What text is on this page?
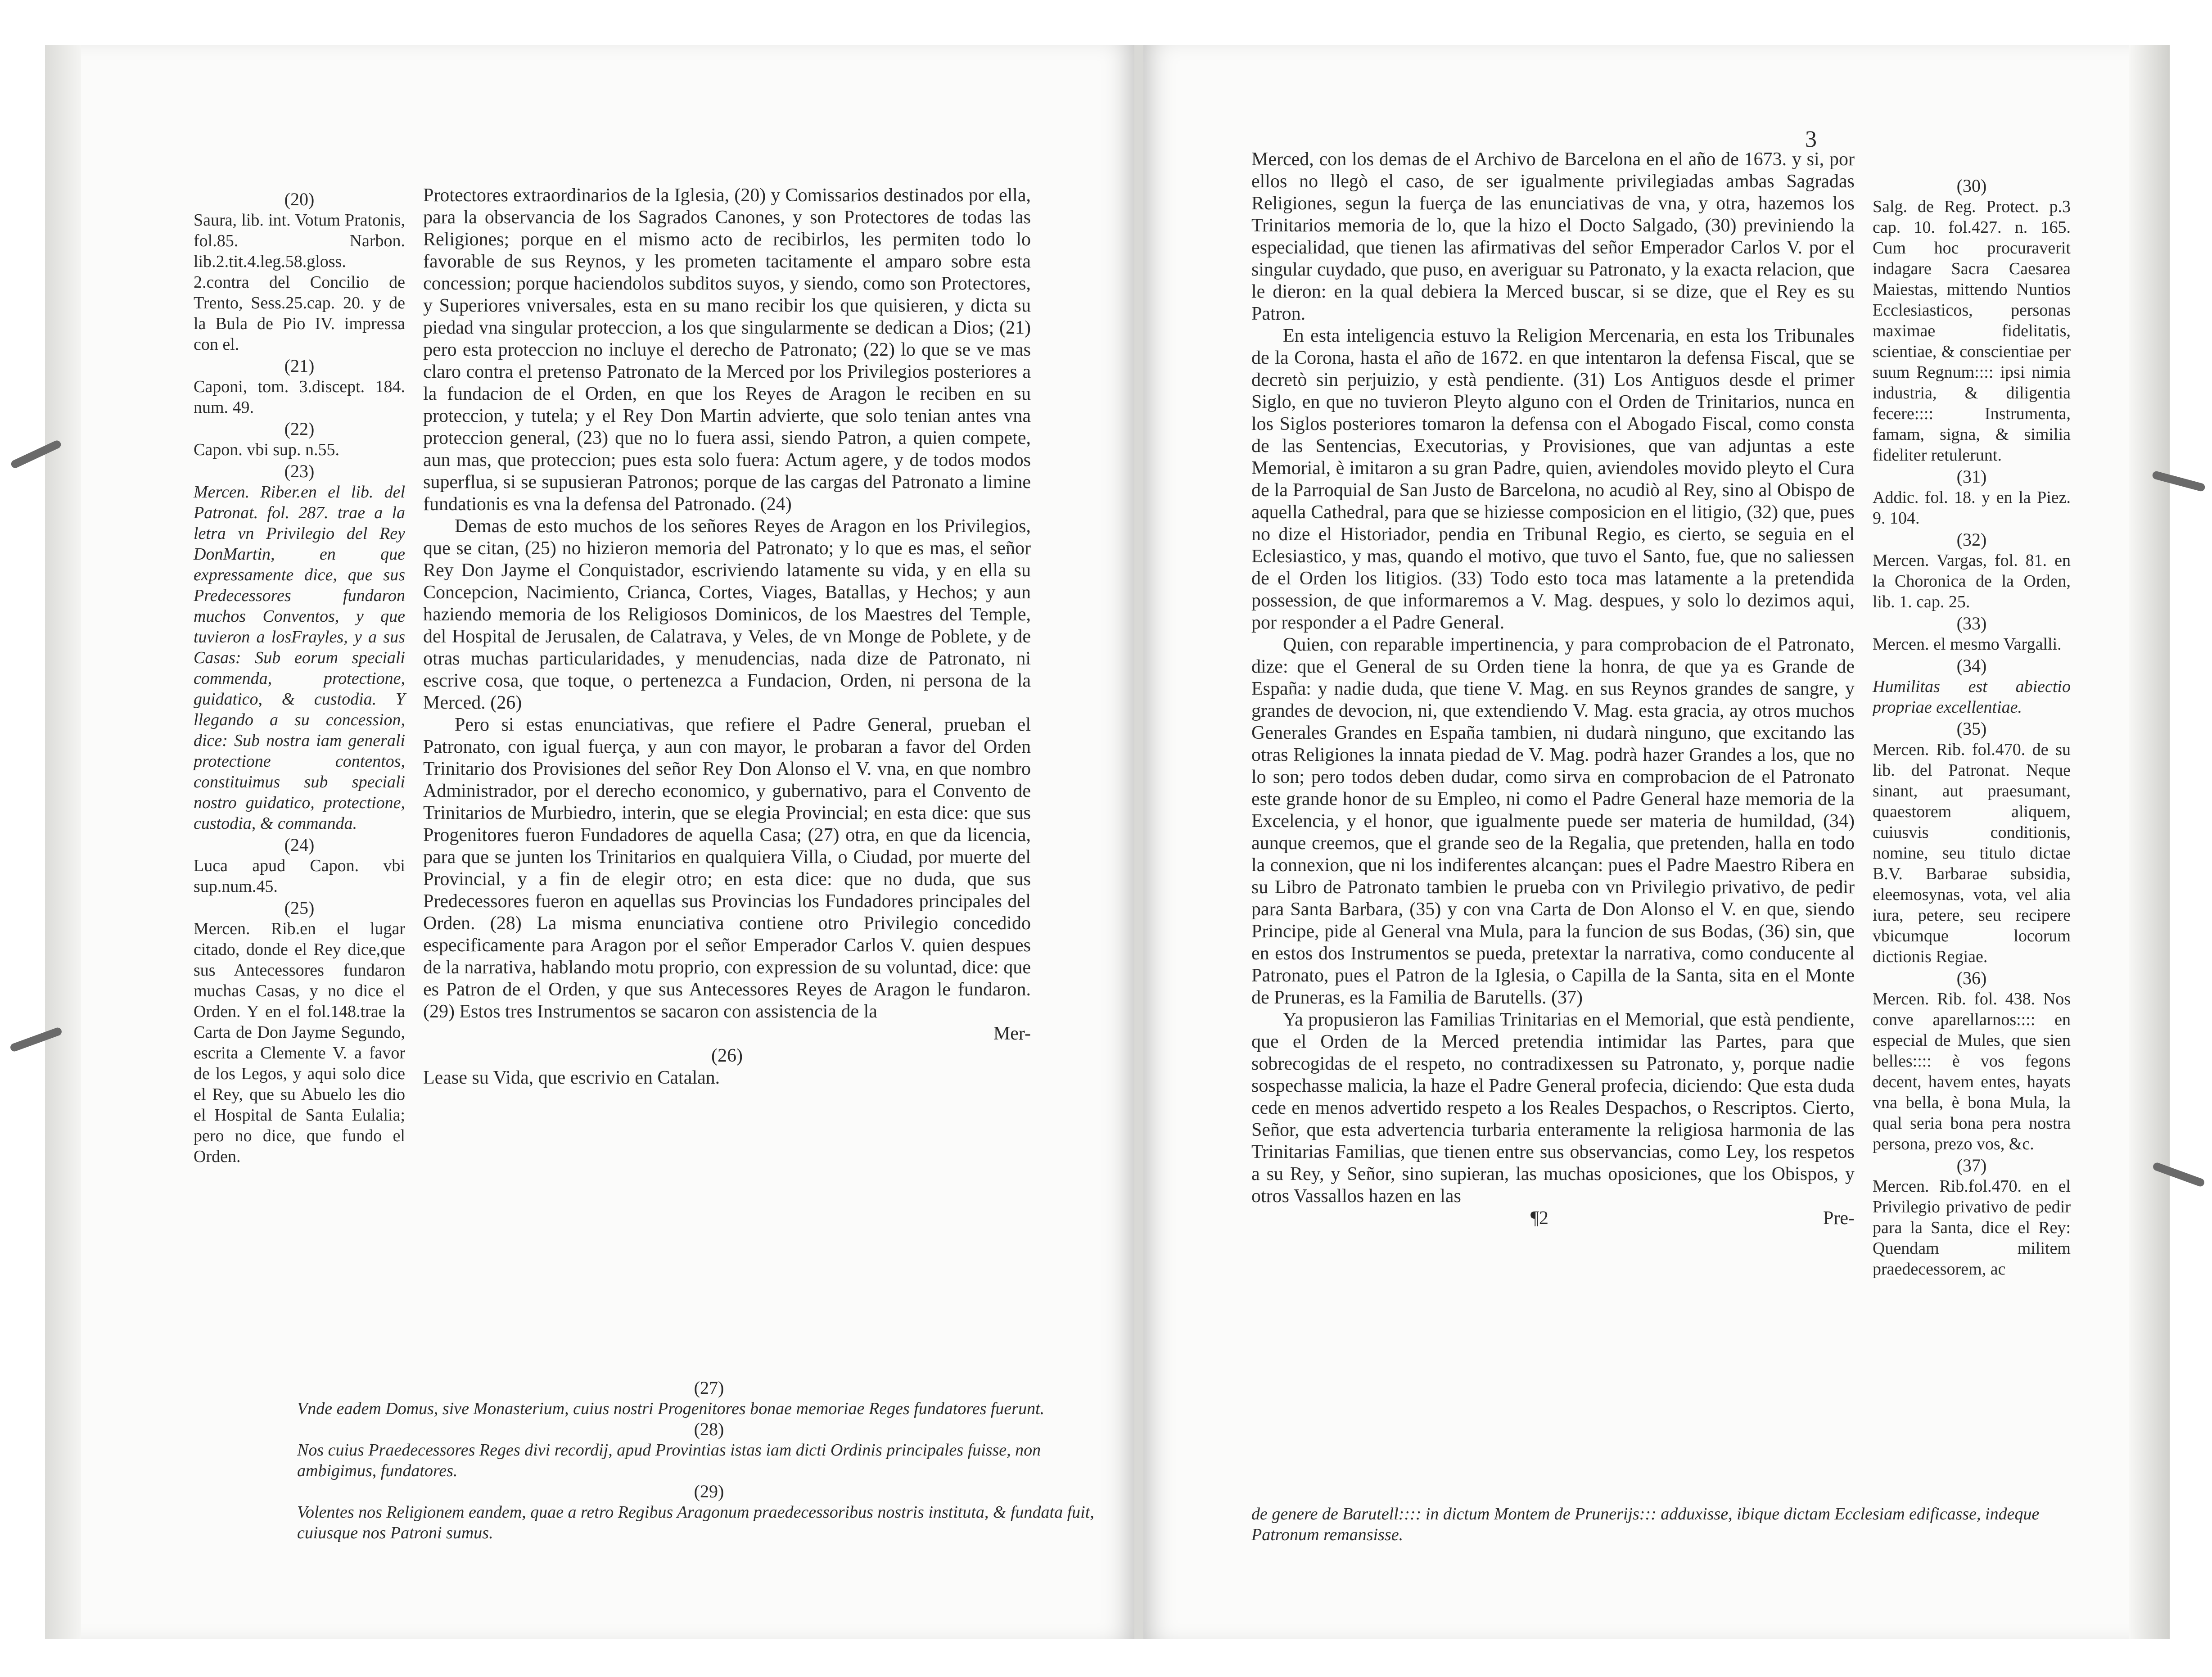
(20)
Saura, lib. int. Votum Pratonis, fol.85. Narbon. lib.2.tit.4.leg.58.gloss. 2.contra del Concilio de Trento, Sess.25.cap. 20. y de la Bula de Pio IV. impressa con el.
(21)
Caponi, tom. 3.discept. 184. num. 49.
(22)
Capon. vbi sup. n.55.
(23)
Mercen. Riber.en el lib. del Patronat. fol. 287. trae a la letra vn Privilegio del Rey DonMartin, en que expressamente dice, que sus Predecessores fundaron muchos Conventos, y que tuvieron a losFrayles, y a sus Casas: Sub eorum speciali commenda, protectione, guidatico, & custodia. Y llegando a su concession, dice: Sub nostra iam generali protectione contentos, constituimus sub speciali nostro guidatico, protectione, custodia, & commanda.
(24)
Luca apud Capon. vbi sup.num.45.
(25)
Mercen. Rib.en el lugar citado, donde el Rey dice,que sus Antecessores fundaron muchas Casas, y no dice el Orden. Y en el fol.148.trae la Carta de Don Jayme Segundo, escrita a Clemente V. a favor de los Legos, y aqui solo dice el Rey, que su Abuelo les dio el Hospital de Santa Eulalia; pero no dice, que fundo el Orden.

Protectores extraordinarios de la Iglesia, (20) y Comissarios destinados por ella, para la observancia de los Sagrados Canones, y son Protectores de todas las Religiones; porque en el mismo acto de recibirlos, les permiten todo lo favorable de sus Reynos, y les prometen tacitamente el amparo sobre esta concession; porque haciendolos subditos suyos, y siendo, como son Protectores, y Superiores vniversales, esta en su mano recibir los que quisieren, y dicta su piedad vna singular proteccion, a los que singularmente se dedican a Dios; (21) pero esta proteccion no incluye el derecho de Patronato; (22) lo que se ve mas claro contra el pretenso Patronato de la Merced por los Privilegios posteriores a la fundacion de el Orden, en que los Reyes de Aragon le reciben en su proteccion, y tutela; y el Rey Don Martin advierte, que solo tenian antes vna proteccion general, (23) que no lo fuera assi, siendo Patron, a quien compete, aun mas, que proteccion; pues esta solo fuera: Actum agere, y de todos modos superflua, si se supusieran Patronos; porque de las cargas del Patronato a limine fundationis es vna la defensa del Patronado. (24)

Demas de esto muchos de los señores Reyes de Aragon en los Privilegios, que se citan, (25) no hizieron memoria del Patronato; y lo que es mas, el señor Rey Don Jayme el Conquistador, escriviendo latamente su vida, y en ella su Concepcion, Nacimiento, Crianca, Cortes, Viages, Batallas, y Hechos; y aun haziendo memoria de los Religiosos Dominicos, de los Maestres del Temple, del Hospital de Jerusalen, de Calatrava, y Veles, de vn Monge de Poblete, y de otras muchas particularidades, y menudencias, nada dize de Patronato, ni escrive cosa, que toque, o pertenezca a Fundacion, Orden, ni persona de la Merced. (26)

Pero si estas enunciativas, que refiere el Padre General, prueban el Patronato, con igual fuerça, y aun con mayor, le probaran a favor del Orden Trinitario dos Provisiones del señor Rey Don Alonso el V. vna, en que nombro Administrador, por el derecho economico, y gubernativo, para el Convento de Trinitarios de Murbiedro, interin, que se elegia Provincial; en esta dice: que sus Progenitores fueron Fundadores de aquella Casa; (27) otra, en que da licencia, para que se junten los Trinitarios en qualquiera Villa, o Ciudad, por muerte del Provincial, y a fin de elegir otro; en esta dice: que no duda, que sus Predecessores fueron en aquellas sus Provincias los Fundadores principales del Orden. (28) La misma enunciativa contiene otro Privilegio concedido especificamente para Aragon por el señor Emperador Carlos V. quien despues de la narrativa, hablando motu proprio, con expression de su voluntad, dice: que es Patron de el Orden, y que sus Antecessores Reyes de Aragon le fundaron. (29) Estos tres Instrumentos se sacaron con assistencia de la

Mer-
(26)

Lease su Vida, que escrivio en Catalan.

(27)
Vnde eadem Domus, sive Monasterium, cuius nostri Progenitores bonae memoriae Reges fundatores fuerunt.
(28)
Nos cuius Praedecessores Reges divi recordij, apud Provintias istas iam dicti Ordinis principales fuisse, non ambigimus, fundatores.
(29)
Volentes nos Religionem eandem, quae a retro Regibus Aragonum praedecessoribus nostris instituta, & fundata fuit, cuiusque nos Patroni sumus.
3

Merced, con los demas de el Archivo de Barcelona en el año de 1673. y si, por ellos no llegò el caso, de ser igualmente privilegiadas ambas Sagradas Religiones, segun la fuerça de las enunciativas de vna, y otra, hazemos los Trinitarios memoria de lo, que la hizo el Docto Salgado, (30) previniendo la especialidad, que tienen las afirmativas del señor Emperador Carlos V. por el singular cuydado, que puso, en averiguar su Patronato, y la exacta relacion, que le dieron: en la qual debiera la Merced buscar, si se dize, que el Rey es su Patron.

En esta inteligencia estuvo la Religion Mercenaria, en esta los Tribunales de la Corona, hasta el año de 1672. en que intentaron la defensa Fiscal, que se decretò sin perjuizio, y està pendiente. (31) Los Antiguos desde el primer Siglo, en que no tuvieron Pleyto alguno con el Orden de Trinitarios, nunca en los Siglos posteriores tomaron la defensa con el Abogado Fiscal, como consta de las Sentencias, Executorias, y Provisiones, que van adjuntas a este Memorial, è imitaron a su gran Padre, quien, aviendoles movido pleyto el Cura de la Parroquial de San Justo de Barcelona, no acudiò al Rey, sino al Obispo de aquella Cathedral, para que se hiziesse composicion en el litigio, (32) que, pues no dize el Historiador, pendia en Tribunal Regio, es cierto, se seguia en el Eclesiastico, y mas, quando el motivo, que tuvo el Santo, fue, que no saliessen de el Orden los litigios. (33) Todo esto toca mas latamente a la pretendida possession, de que informaremos a V. Mag. despues, y solo lo dezimos aqui, por responder a el Padre General.

Quien, con reparable impertinencia, y para comprobacion de el Patronato, dize: que el General de su Orden tiene la honra, de que ya es Grande de España: y nadie duda, que tiene V. Mag. en sus Reynos grandes de sangre, y grandes de devocion, ni, que extendiendo V. Mag. esta gracia, ay otros muchos Generales Grandes en España tambien, ni dudarà ninguno, que excitando las otras Religiones la innata piedad de V. Mag. podrà hazer Grandes a los, que no lo son; pero todos deben dudar, como sirva en comprobacion de el Patronato este grande honor de su Empleo, ni como el Padre General haze memoria de la Excelencia, y el honor, que igualmente puede ser materia de humildad, (34) aunque creemos, que el grande seo de la Regalia, que pretenden, halla en todo la connexion, que ni los indiferentes alcançan: pues el Padre Maestro Ribera en su Libro de Patronato tambien le prueba con vn Privilegio privativo, de pedir para Santa Barbara, (35) y con vna Carta de Don Alonso el V. en que, siendo Principe, pide al General vna Mula, para la funcion de sus Bodas, (36) sin, que en estos dos Instrumentos se pueda, pretextar la narrativa, como conducente al Patronato, pues el Patron de la Iglesia, o Capilla de la Santa, sita en el Monte de Pruneras, es la Familia de Barutells. (37)

Ya propusieron las Familias Trinitarias en el Memorial, que està pendiente, que el Orden de la Merced pretendia intimidar las Partes, para que sobrecogidas de el respeto, no contradixessen su Patronato, y, porque nadie sospechasse malicia, la haze el Padre General profecia, diciendo: Que esta duda cede en menos advertido respeto a los Reales Despachos, o Rescriptos. Cierto, Señor, que esta advertencia turbaria enteramente la religiosa harmonia de las Trinitarias Familias, que tienen entre sus observancias, como Ley, los respetos a su Rey, y Señor, sino supieran, las muchas oposiciones, que los Obispos, y otros Vassallos hazen en las

¶2	Pre-
de genere de Barutell:::: in dictum Montem de Prunerijs::: adduxisse, ibique dictam Ecclesiam edificasse, indeque Patronum remansisse.
(30)
Salg. de Reg. Protect. p.3 cap. 10. fol.427. n. 165. Cum hoc procuraverit indagare Sacra Caesarea Maiestas, mittendo Nuntios Ecclesiasticos, personas maximae fidelitatis, scientiae, & conscientiae per suum Regnum:::: ipsi nimia industria, & diligentia fecere:::: Instrumenta, famam, signa, & similia fideliter retulerunt.
(31)
Addic. fol. 18. y en la Piez. 9. 104.
(32)
Mercen. Vargas, fol. 81. en la Choronica de la Orden, lib. 1. cap. 25.
(33)
Mercen. el mesmo Vargalli.
(34)
Humilitas est abiectio propriae excellentiae.
(35)
Mercen. Rib. fol.470. de su lib. del Patronat. Neque sinant, aut praesumant, quaestorem aliquem, cuiusvis conditionis, nomine, seu titulo dictae B.V. Barbarae subsidia, eleemosynas, vota, vel alia iura, petere, seu recipere vbicumque locorum dictionis Regiae.
(36)
Mercen. Rib. fol. 438. Nos conve aparellarnos:::: en especial de Mules, que sien belles:::: è vos fegons decent, havem entes, hayats vna bella, è bona Mula, la qual seria bona pera nostra persona, prezo vos, &c.
(37)
Mercen. Rib.fol.470. en el Privilegio privativo de pedir para la Santa, dice el Rey: Quendam militem praedecessorem, ac
